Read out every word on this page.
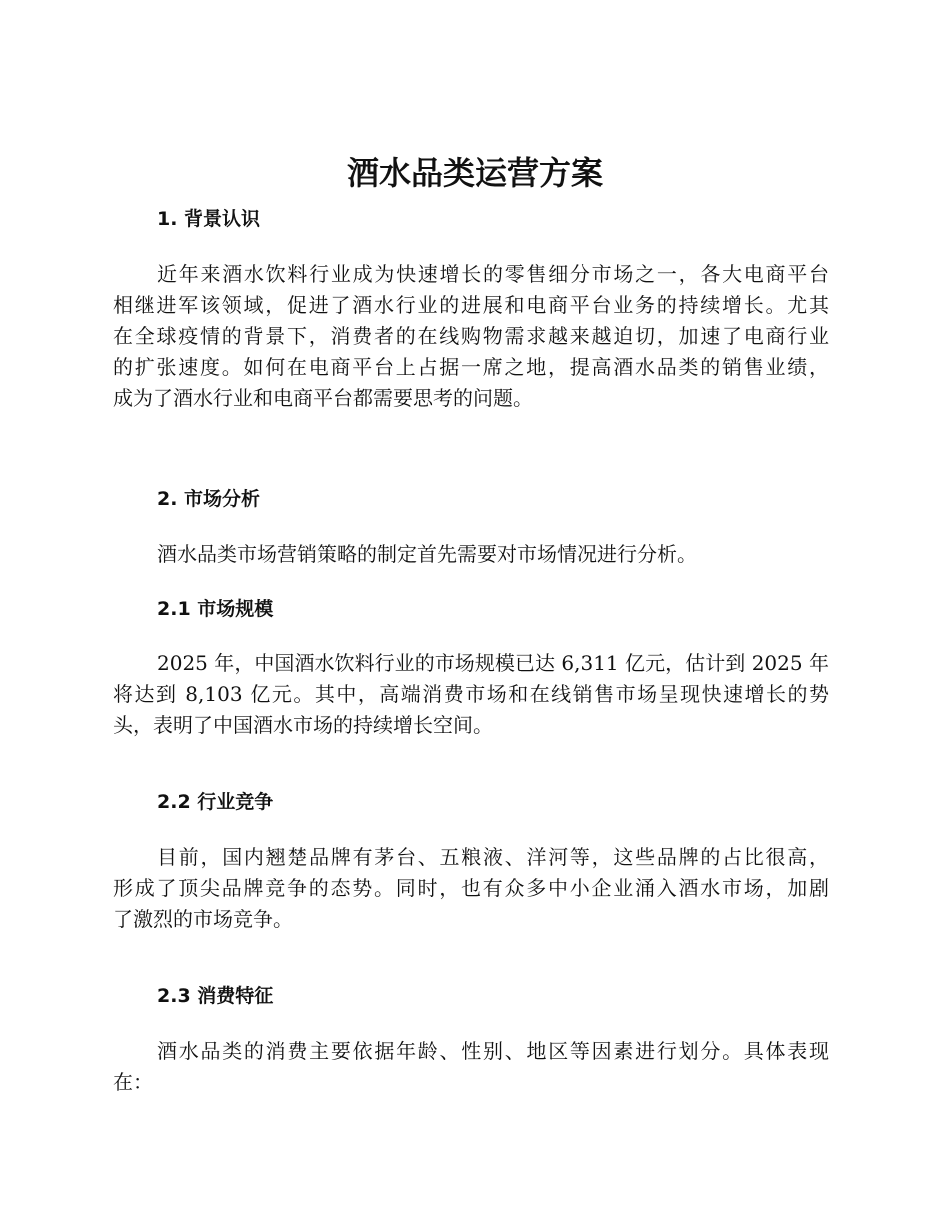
酒水品类运营方案
1. 背景认识
近年来酒水饮料行业成为快速增长的零售细分市场之一，各大电商平台
相继进军该领域，促进了酒水行业的进展和电商平台业务的持续增长。尤其
在全球疫情的背景下，消费者的在线购物需求越来越迫切，加速了电商行业
的扩张速度。如何在电商平台上占据一席之地，提高酒水品类的销售业绩，
成为了酒水行业和电商平台都需要思考的问题。
2. 市场分析
酒水品类市场营销策略的制定首先需要对市场情况进行分析。
2.1 市场规模
2025 年，中国酒水饮料行业的市场规模已达 6,311 亿元，估计到 2025 年
将达到 8,103 亿元。其中，高端消费市场和在线销售市场呈现快速增长的势
头，表明了中国酒水市场的持续增长空间。
2.2 行业竞争
目前，国内翘楚品牌有茅台、五粮液、洋河等，这些品牌的占比很高，
形成了顶尖品牌竞争的态势。同时，也有众多中小企业涌入酒水市场，加剧
了激烈的市场竞争。
2.3 消费特征
酒水品类的消费主要依据年龄、性别、地区等因素进行划分。具体表现
在：
